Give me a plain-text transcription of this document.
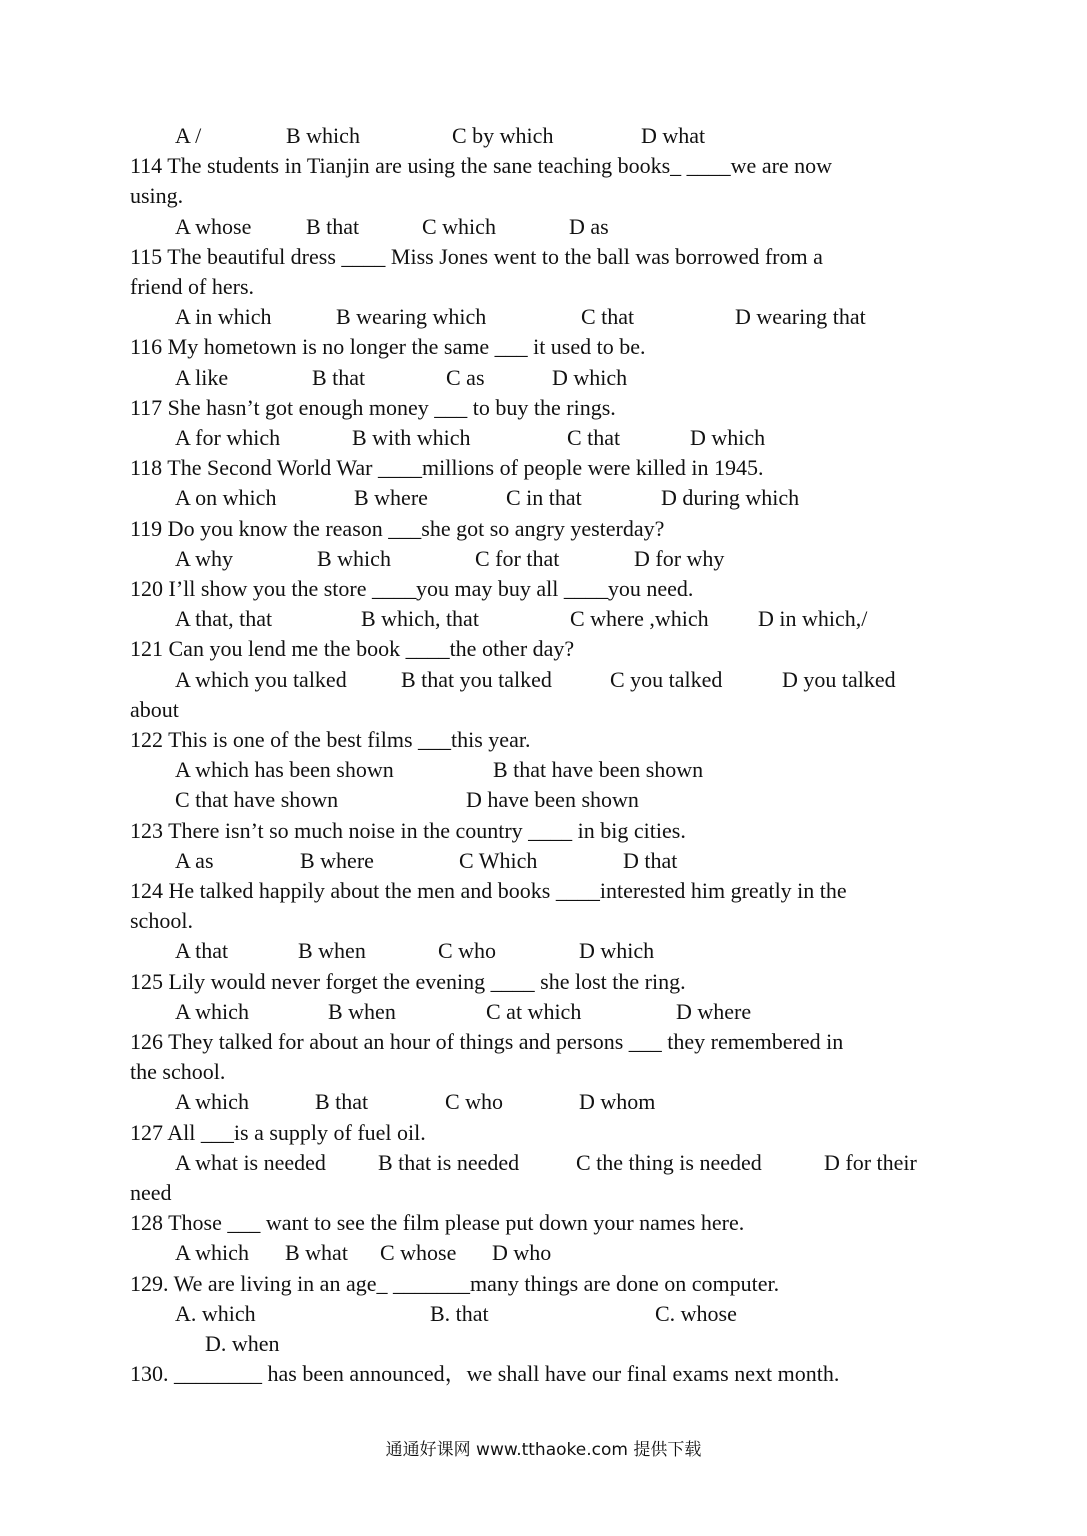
A /	B which	C by which	D what
114 The students in Tianjin are using the sane teaching books_ ____we are now
using.
A whose B that	C which	D as
115 The beautiful dress ____ Miss Jones went to the ball was borrowed from a
friend of hers.
A in which	B wearing which	C that	D wearing that
116 My hometown is no longer the same ___ it used to be.
A like	B that	C as	D which
117 She hasn’t got enough money ___ to buy the rings.
A for which	B with which	C that	D which
118 The Second World War ____millions of people were killed in 1945.
A on which	B where	C in that	D during which
119 Do you know the reason ___she got so angry yesterday?
A why	B which	C for that	D for why
120 I’ll show you the store ____you may buy all ____you need.
A that, that	B which, that	C where ,which D in which,/
121 Can you lend me the book ____the other day?
A which you talked B that you talked	C you talked	D you talked
about
122 This is one of the best films ___this year.
A which has been shown	B that have been shown
C that have shown	D have been shown
123 There isn’t so much noise in the country ____ in big cities.
A as	B where	C Which	D that
124 He talked happily about the men and books ____interested him greatly in the
school.
A that	B when	C who	D which
125 Lily would never forget the evening ____ she lost the ring.
A which	B when	C at which	D where
126 They talked for about an hour of things and persons ___ they remembered in
the school.
A which	B that	C who	D whom
127 All ___is a supply of fuel oil.
A what is needed B that is needed	C the thing is needed	D for their
need
128 Those ___ want to see the film please put down your names here.
A which B what C whose D who
129. We are living in an age_ _______many things are done on computer.
A. which	B. that	C. whose
D. when
130. ________ has been announced，we shall have our final exams next month.
通通好课网 www.tthaoke.com 提供下载
